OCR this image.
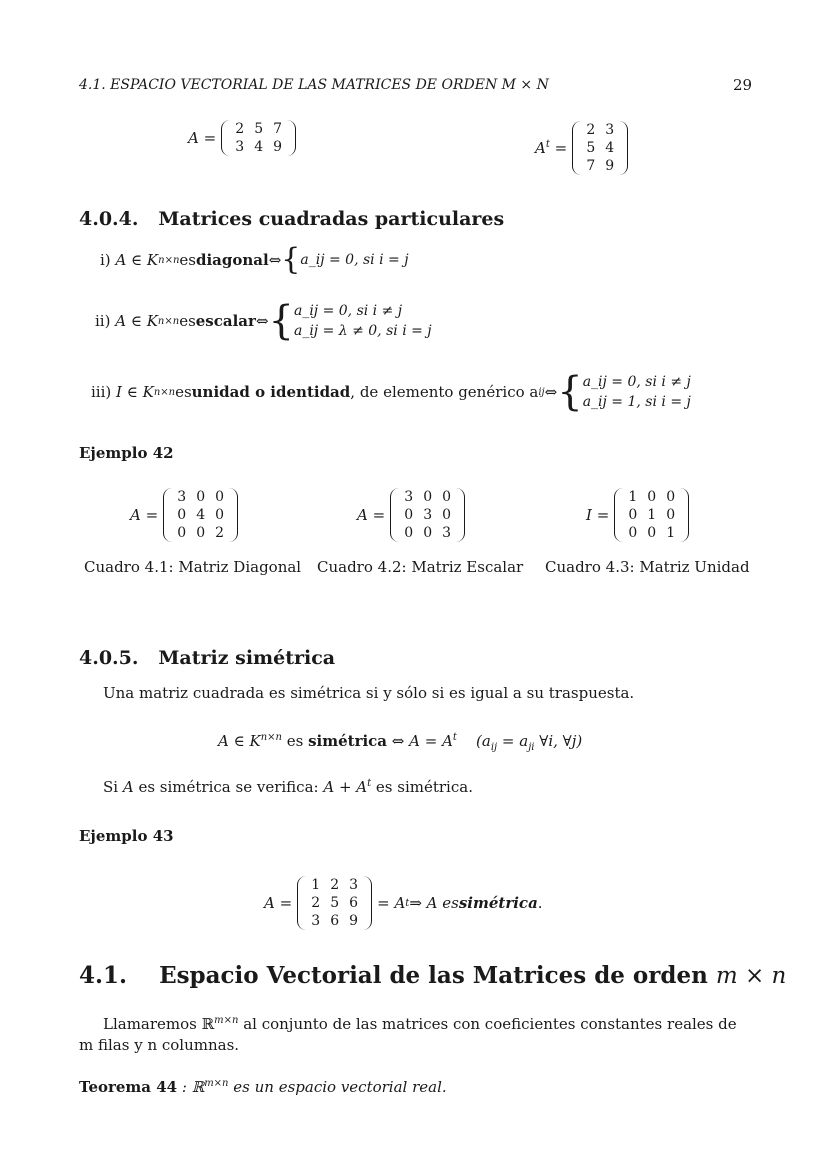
4.1. ESPACIO VECTORIAL DE LAS MATRICES DE ORDEN M × N	29
A =
2	5	7
3	4	9	$A^t$ =

2	3
5	4
7	9
4.0.4. Matrices cuadradas particulares
i)
A ∈ K n×n es diagonal ⇔ { a_ij = 0, si i = j
ii)
A ∈ K n×n es escalar ⇔ { a_ij = 0, si i ≠ j
a_ij = λ ≠ 0, si i = j
iii)
I ∈ K n×n es unidad o identidad , de elemento genérico a ij ⇔ { a_ij = 0, si i ≠ j
a_ij = 1, si i = j
Ejemplo 42
A =

3	0	0
0	4	0
0	0	2
A =

3	0	0
0	3	0
0	0	3
I =

1	0	0
0	1	0
0	0	1
Cuadro 4.1: Matriz Diagonal Cuadro 4.2: Matriz Escalar Cuadro 4.3: Matriz Unidad
4.0.5. Matriz simétrica
Una matriz cuadrada es simétrica si y sólo si es igual a su traspuesta.
A ∈ $K^{n\times n}$ es simétrica ⇔ $A = A^t$ ($a_{ij} = a_{ji}$ ∀i, ∀j)
Si A es simétrica se verifica: $A + A^t$ es simétrica.
Ejemplo 43
A =

1	2	3
2	5	6
3	6	9

= A t ⇒ A es simétrica .
4.1. Espacio Vectorial de las Matrices de orden m × n
Llamaremos ℝ$^{m\times n}$ al conjunto de las matrices con coeficientes constantes reales de m filas y n columnas.
Teorema 44 : ℝ$^{m\times n}$ es un espacio vectorial real.
